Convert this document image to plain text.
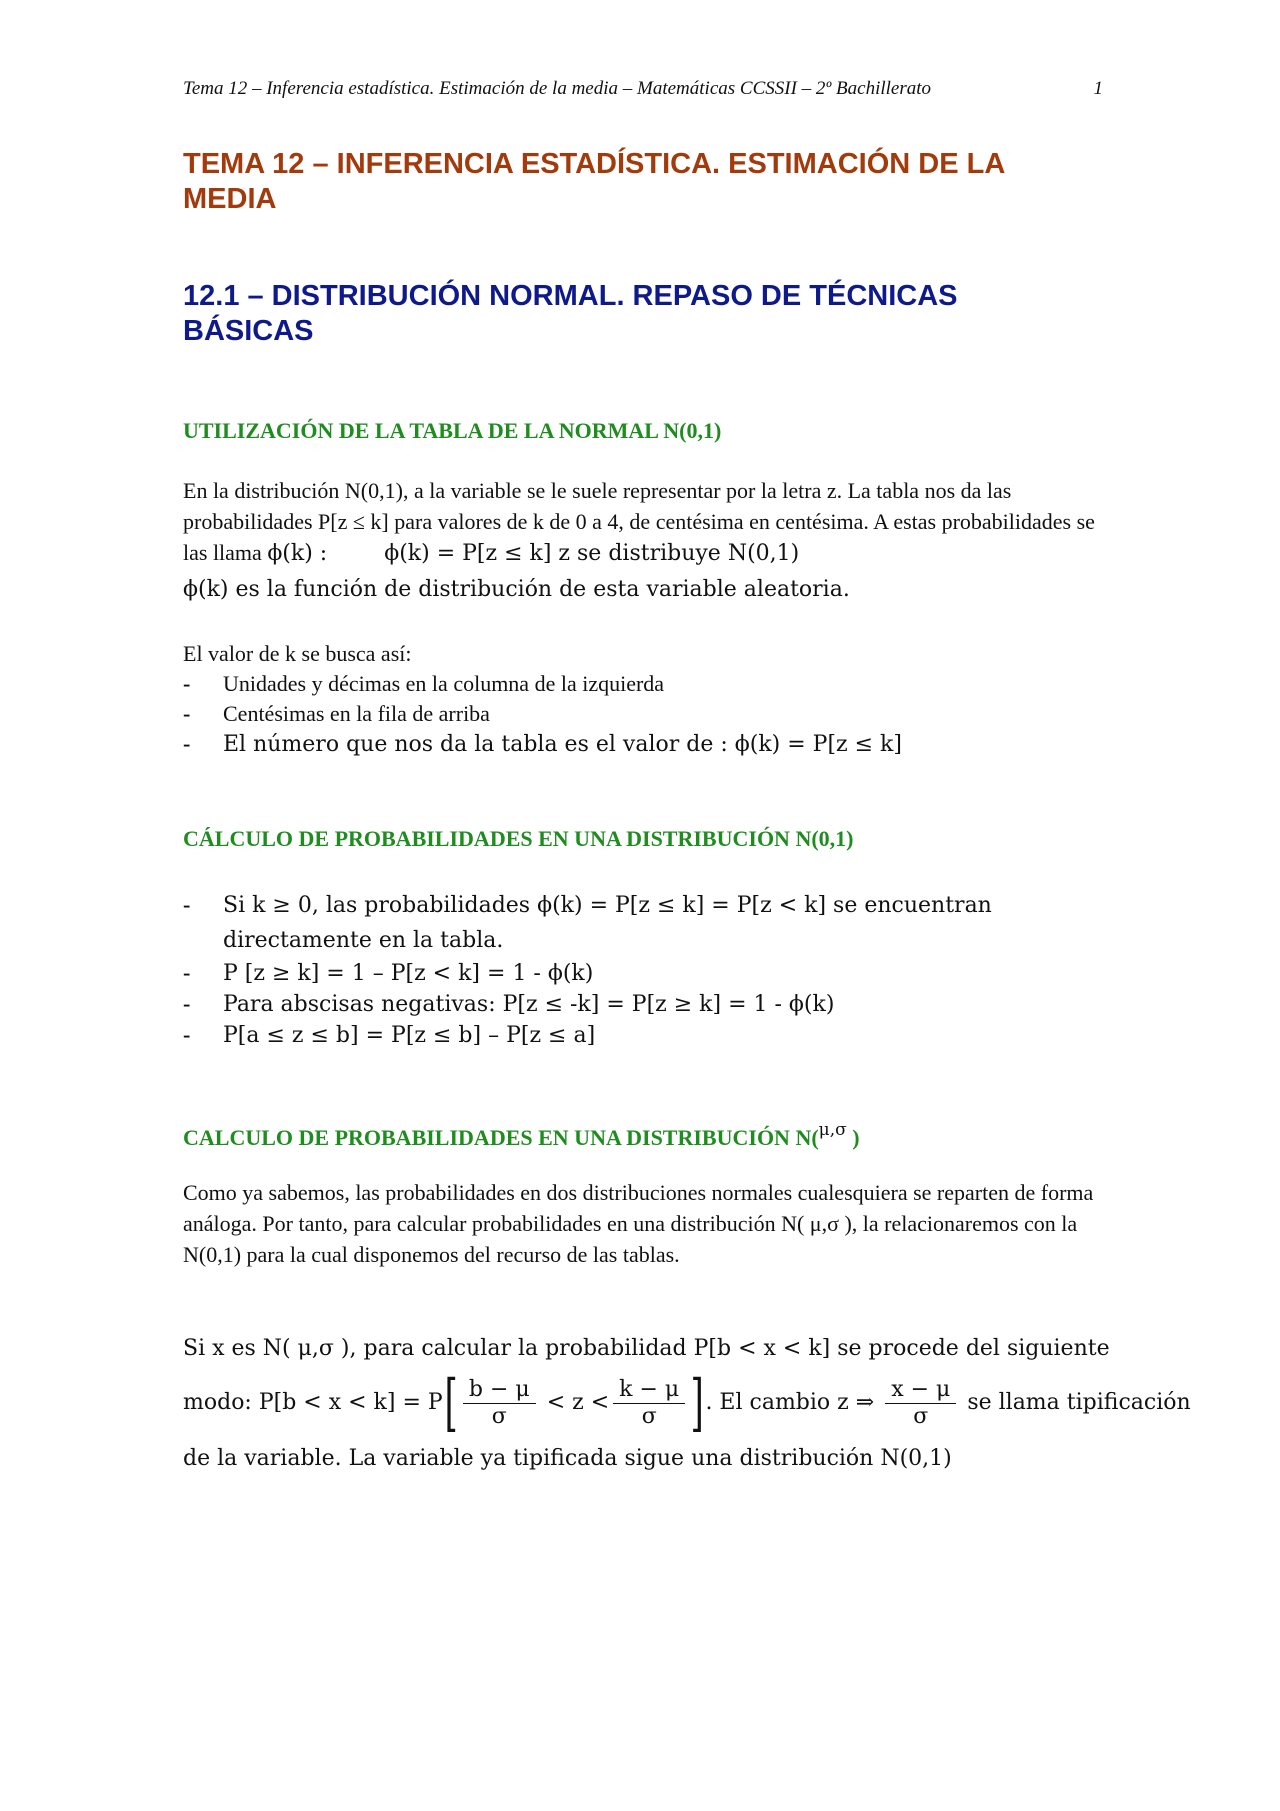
Tema 12 – Inferencia estadística. Estimación de la media – Matemáticas CCSSII – 2º Bachillerato	1
TEMA 12 – INFERENCIA ESTADÍSTICA. ESTIMACIÓN DE LA MEDIA
12.1 – DISTRIBUCIÓN NORMAL. REPASO DE TÉCNICAS BÁSICAS
UTILIZACIÓN DE LA TABLA DE LA NORMAL N(0,1)
En la distribución N(0,1), a la variable se le suele representar por la letra z. La tabla nos da las probabilidades P[z ≤ k] para valores de k de 0 a 4, de centésima en centésima. A estas probabilidades se las llama ϕ(k) :	ϕ(k) = P[z ≤ k] z se distribuye N(0,1)
ϕ(k) es la función de distribución de esta variable aleatoria.
El valor de k se busca así:
- Unidades y décimas en la columna de la izquierda
- Centésimas en la fila de arriba
- El número que nos da la tabla es el valor de : ϕ(k) = P[z ≤ k]
CÁLCULO DE PROBABILIDADES EN UNA DISTRIBUCIÓN N(0,1)
- Si k ≥ 0, las probabilidades ϕ(k) = P[z ≤ k] = P[z < k] se encuentran directamente en la tabla.
- P [z ≥ k] = 1 – P[z < k] = 1 - ϕ(k)
- Para abscisas negativas: P[z ≤ -k] = P[z ≥ k] = 1 - ϕ(k)
- P[a ≤ z ≤ b] = P[z ≤ b] – P[z ≤ a]
CALCULO DE PROBABILIDADES EN UNA DISTRIBUCIÓN N($^{\mu,\sigma}$ )
Como ya sabemos, las probabilidades en dos distribuciones normales cualesquiera se reparten de forma análoga. Por tanto, para calcular probabilidades en una distribución N( μ,σ ), la relacionaremos con la N(0,1) para la cual disponemos del recurso de las tablas.
Si x es N( μ,σ ), para calcular la probabilidad P[b < x < k] se procede del siguiente
modo: $P[b < x < k] = P[ \frac{b - \mu}{\sigma} < z < \frac{k - \mu}{\sigma}$ ]. El cambio z ⇒ $\frac{x - \mu}{\sigma}$ se llama tipificación
de la variable. La variable ya tipificada sigue una distribución N(0,1)
